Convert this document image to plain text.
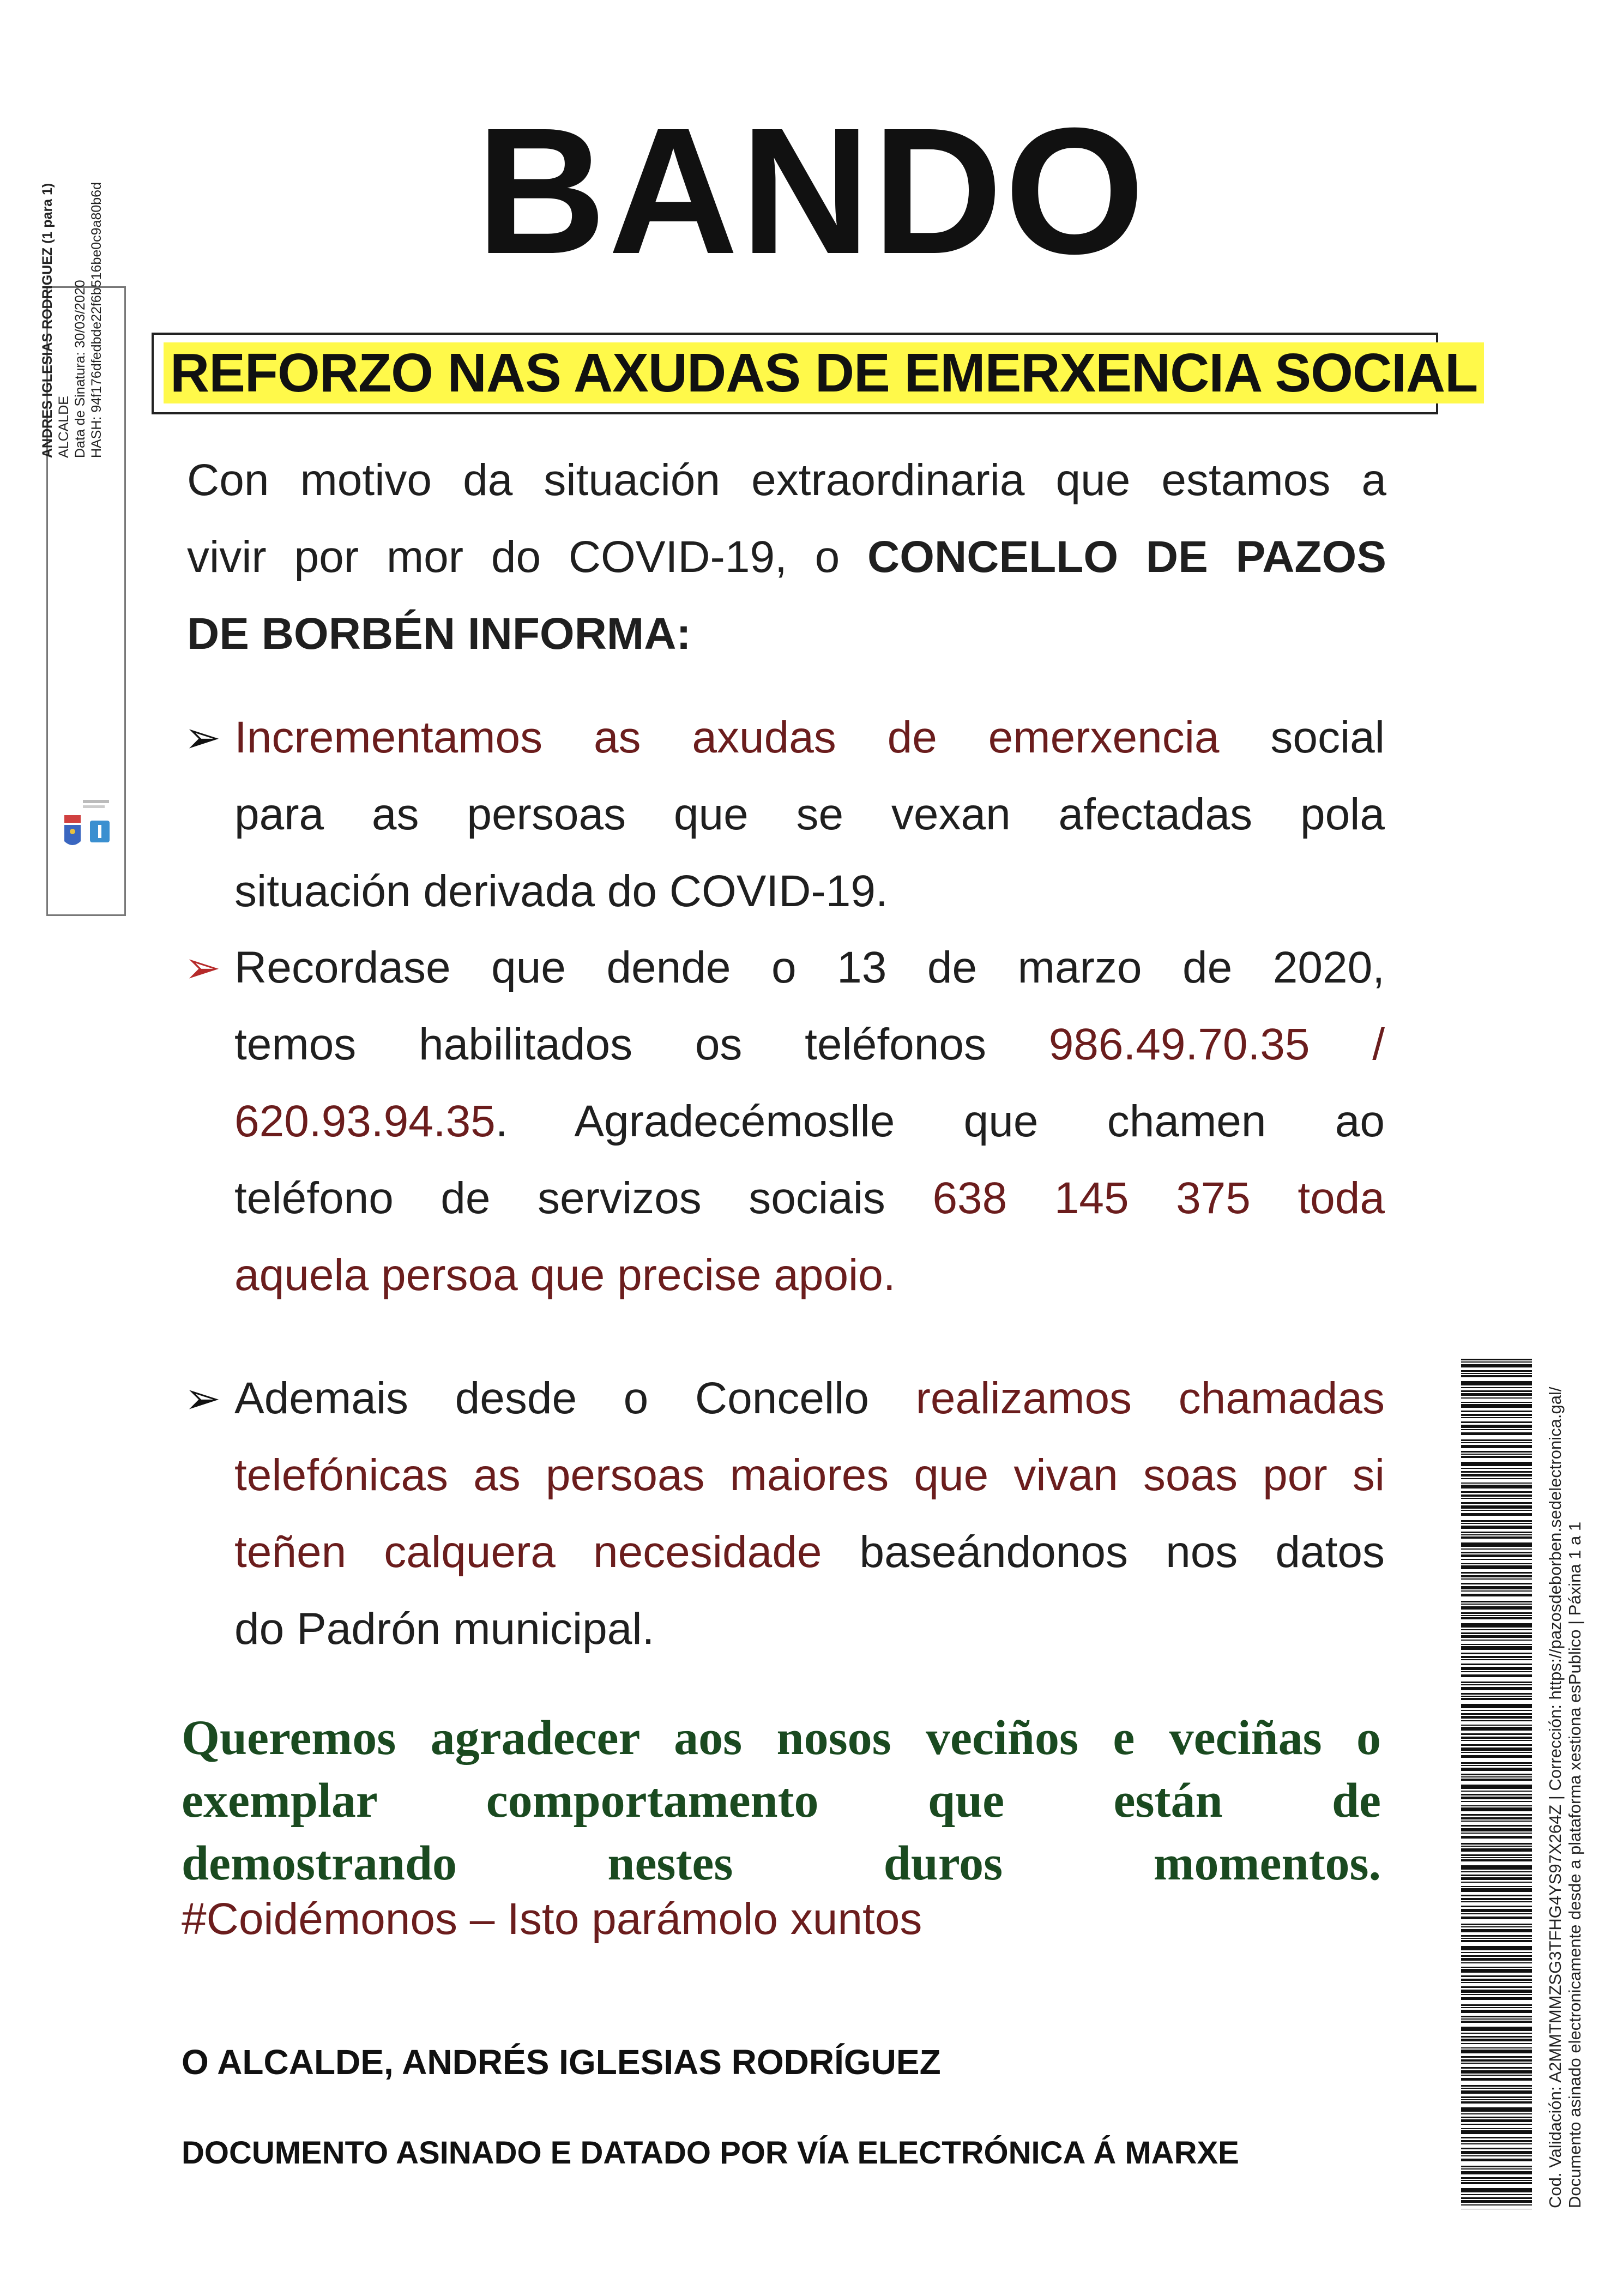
BANDO
REFORZO NAS AXUDAS DE EMERXENCIA SOCIAL
Con motivo da situación extraordinaria que estamos a
vivir por mor do COVID-19, o CONCELLO DE PAZOS
DE BORBÉN INFORMA:
➢ Incrementamos as axudas de emerxencia social
para as persoas que se vexan afectadas pola
situación derivada do COVID-19.
➢ Recordase que dende o 13 de marzo de 2020,
temos habilitados os teléfonos 986.49.70.35 /
620.93.94.35. Agradecémoslle que chamen ao
teléfono de servizos sociais 638 145 375 toda
aquela persoa que precise apoio.
➢ Ademais desde o Concello realizamos chamadas
telefónicas as persoas maiores que vivan soas por si
teñen calquera necesidade baseándonos nos datos
do Padrón municipal.
Queremos agradecer aos nosos veciños e veciñas o
exemplar comportamento que están de
demostrando nestes duros momentos.
#Coidémonos – Isto parámolo xuntos
O ALCALDE, ANDRÉS IGLESIAS RODRÍGUEZ
DOCUMENTO ASINADO E DATADO POR VÍA ELECTRÓNICA Á MARXE
ANDRES IGLESIAS RODRIGUEZ (1 para 1) ALCALDE Data de Sinatura: 30/03/2020 HASH: 94f176dfedbde22f6b516be0c9a80b6d
Cod. Validación: A2MMTMMZSG3TFHG4YS97X264Z | Corrección: https://pazosdeborben.sedelectronica.gal/ Documento asinado electronicamente desde a plataforma xestiona esPublico | Páxina 1 a 1
